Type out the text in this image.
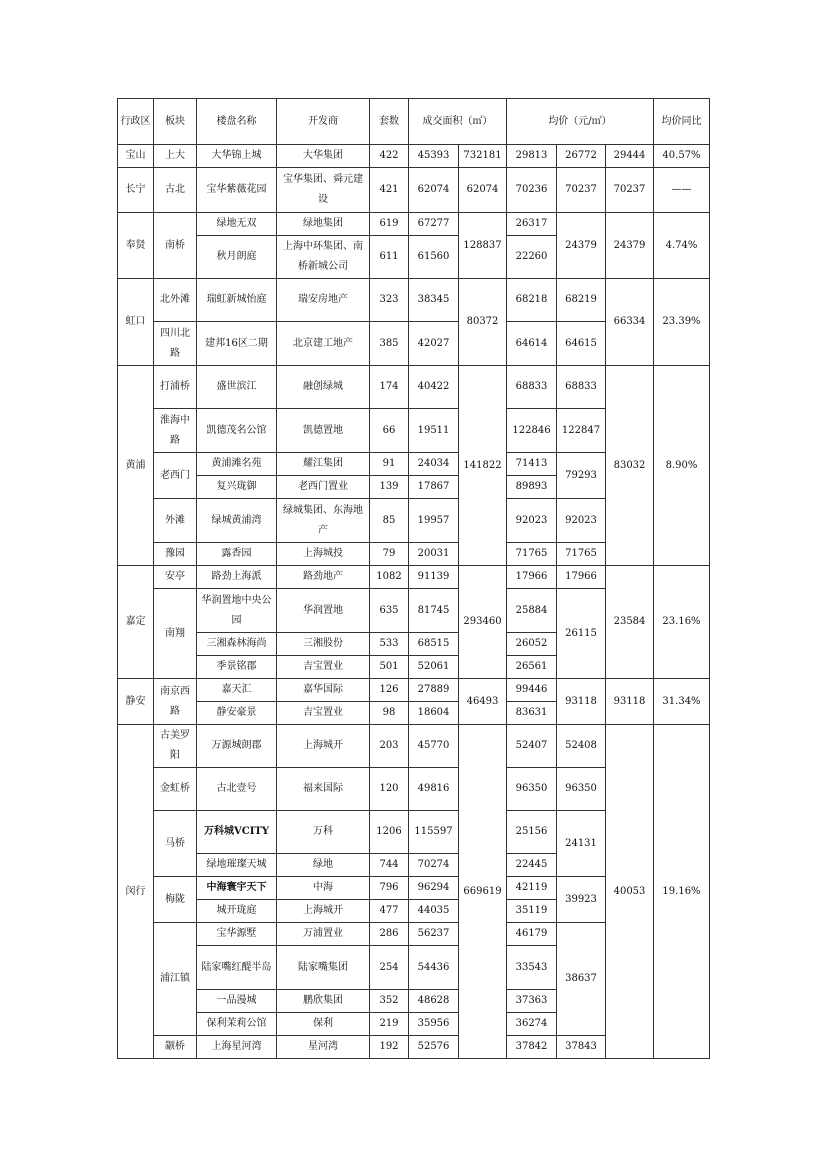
行政区	板块	楼盘名称	开发商	套数	成交面积（㎡）		均价（元/㎡）			均价同比
宝山	上大	大华锦上城	大华集团	422	45393	732181	29813	26772	29444	40.57%
长宁	古北	宝华紫薇花园	宝华集团、舜元建设	421	62074	62074	70236	70237	70237	——
奉贤	南桥	绿地无双	绿地集团	619	67277	128837	26317	24379	24379	4.74%
		秋月朗庭	上海中环集团、南桥新城公司	611	61560		22260			
虹口	北外滩	瑞虹新城怡庭	瑞安房地产	323	38345	80372	68218	68219	66334	23.39%
	四川北路	建邦16区二期	北京建工地产	385	42027		64614	64615		
黄浦	打浦桥	盛世滨江	融创绿城	174	40422	141822	68833	68833	83032	8.90%
	淮海中路	凯德茂名公馆	凯德置地	66	19511		122846	122847		
	老西门	黄浦滩名苑	耀江集团	91	24034		71413	79293		
		复兴珑御	老西门置业	139	17867		89893			
	外滩	绿城黄浦湾	绿城集团、东海地产	85	19957		92023	92023		
	豫园	露香园	上海城投	79	20031		71765	71765		
嘉定	安亭	路劲上海派	路劲地产	1082	91139	293460	17966	17966	23584	23.16%
	南翔	华润置地中央公园	华润置地	635	81745		25884	26115		
		三湘森林海尚	三湘股份	533	68515		26052			
		季景铭郡	吉宝置业	501	52061		26561			
静安	南京西路	嘉天汇	嘉华国际	126	27889	46493	99446	93118	93118	31.34%
		静安豪景	吉宝置业	98	18604		83631			
闵行	古美罗阳	万源城朗郡	上海城开	203	45770	669619	52407	52408	40053	19.16%
	金虹桥	古北壹号	福来国际	120	49816		96350	96350		
	马桥	万科城VCITY	万科	1206	115597		25156	24131		
		绿地璀璨天城	绿地	744	70274		22445			
	梅陇	中海寰宇天下	中海	796	96294		42119	39923		
		城开珑庭	上海城开	477	44035		35119			
	浦江镇	宝华源墅	万浦置业	286	56237		46179	38637		
		陆家嘴红醍半岛	陆家嘴集团	254	54436		33543			
		一品漫城	鹏欣集团	352	48628		37363			
		保利茉莉公馆	保利	219	35956		36274			
	颛桥	上海星河湾	星河湾	192	52576		37842	37843		
